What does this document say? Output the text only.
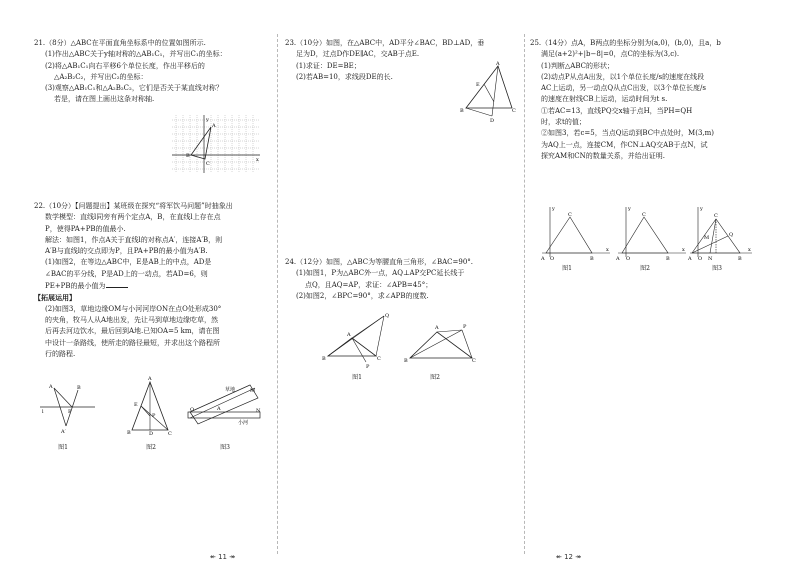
21.（8分）△ABC在平面直角坐标系中的位置如图所示.

(1)作出△ABC关于y轴对称的△AB₁C₁，并写出C₁的坐标：

(2)将△AB₁C₁向右平移6个单位长度，作出平移后的

△A₂B₂C₂，并写出C₂的坐标：

(3)观察△AB₁C₁和△A₂B₂C₂，它们是否关于某直线对称？

若是，请在图上画出这条对称轴.

y
x
A
B
C

22.（10分）【问题提出】某班级在探究“将军饮马问题”时抽象出

数学模型：直线l同旁有两个定点A，B，在直线l上存在点

P，使得PA+PB的值最小.

解法：如图1，作点A关于直线l的对称点A′，连接A′B，则

A′B与直线l的交点即为P，且PA+PB的最小值为A′B.

(1)如图2，在等边△ABC中，E是AB上的中点，AD是

∠BAC的平分线，P是AD上的一动点，若AD=6，则

PE+PB的最小值为

【拓展运用】

(2)如图3，草地边缘OM与小河河岸ON在点O处形成30°

的夹角，牧马人从A地出发，先让马到草地边缘吃草，然

后再去河边饮水，最后回到A地.已知OA=5 km，请在图

中设计一条路线，使所走的路径最短，并求出这个路程所

行的路程.

A	B
P
l
A′
A
E
P
B	D	C
O	A
M
N
草地
小河
图1	图2	图3
↞ 11 ↠

23.（10分）如图，在△ABC中，AD平分∠BAC，BD⊥AD，垂

足为D，过点D作DE∥AC，交AB于点E.

(1)求证：DE=BE；

(2)若AB=10，求线段DE的长.

A
E
B	C
D

24.（12分）如图，△ABC为等腰直角三角形，∠BAC=90°.

(1)如图1，P为△ABC外一点，AQ⊥AP交PC延长线于

点Q，且AQ=AP，求证：∠APB=45°；

(2)如图2，∠BPC=90°，求∠APB的度数.

A
B	C
Q
P
A
B	C
P
图1	图2

25.（14分）点A，B两点的坐标分别为(a,0)，(b,0)，且a，b

满足(a+2)²+|b−8|=0，点C的坐标为(3,c).

(1)判断△ABC的形状；

(2)动点P从点A出发，以1个单位长度/s的速度在线段

AC上运动，另一动点Q从点C出发，以3个单位长度/s

的速度在射线CB上运动，运动时间为t s.

①若AC=13，直线PQ交x轴于点H，当PH=QH

时，求t的值；

②如图3，若c=5，当点Q运动到BC中点处时，M(3,m)

为AQ上一点，连接CM，作CN⊥AQ交AB于点N，试

探究AM和CN的数量关系，并给出证明.

C	C	C
A O	B	A O	B	A O N	B
Q
M
y
x
y
x
y
x
图1	图2	图3
↞ 12 ↠
